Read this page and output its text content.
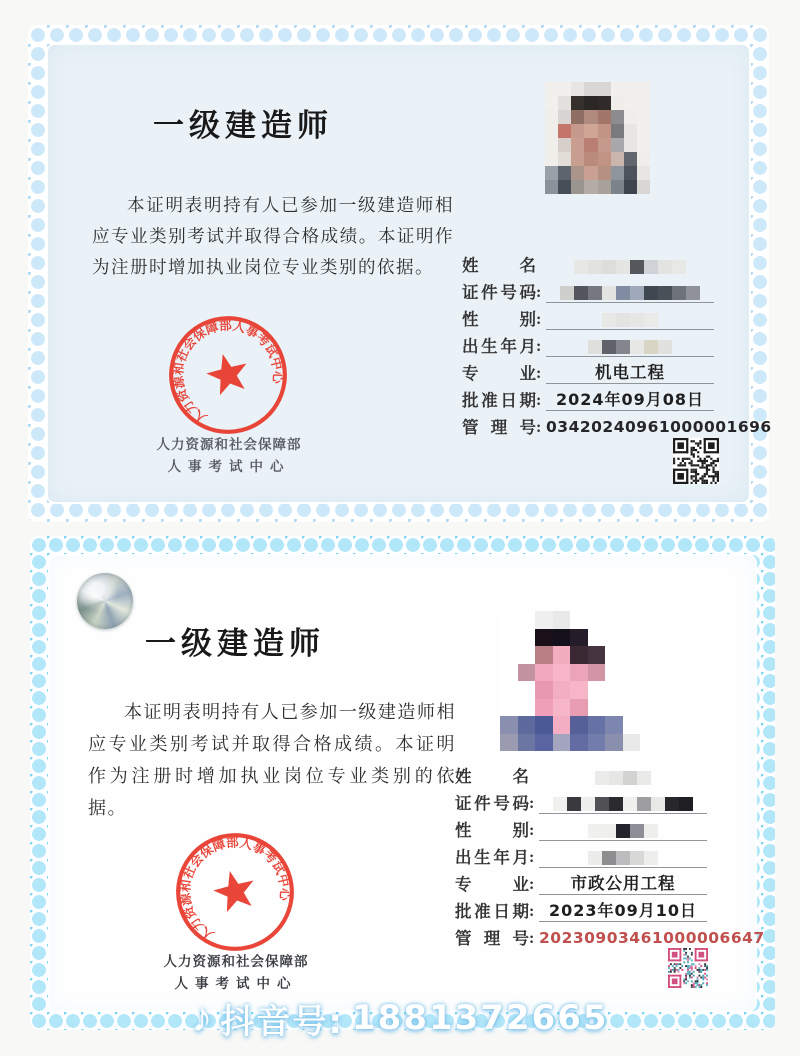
一级建造师
本证明表明持有人已参加一级建造师相应专业类别考试并取得合格成绩。本证明作为注册时增加执业岗位专业类别的依据。
人力资源和社会保障部人事考试中心
人力资源和社会保障部
人事考试中心
姓名
证件号码 :
性别 :
出生年月 :
专业 :	机电工程
批准日期 : 2024年09月08日
管理号 : 03420240961000001696
一级建造师
本证明表明持有人已参加一级建造师相应专业类别考试并取得合格成绩。本证明作为注册时增加执业岗位专业类别的依据。
人力资源和社会保障部人事考试中心
人力资源和社会保障部
人事考试中心
姓名
证件号码 :
性别 :
出生年月 :
专业 :	市政公用工程
批准日期 : 2023年09月10日
管理号 : 20230903461000006647
♪ 抖音号: 1881372665
